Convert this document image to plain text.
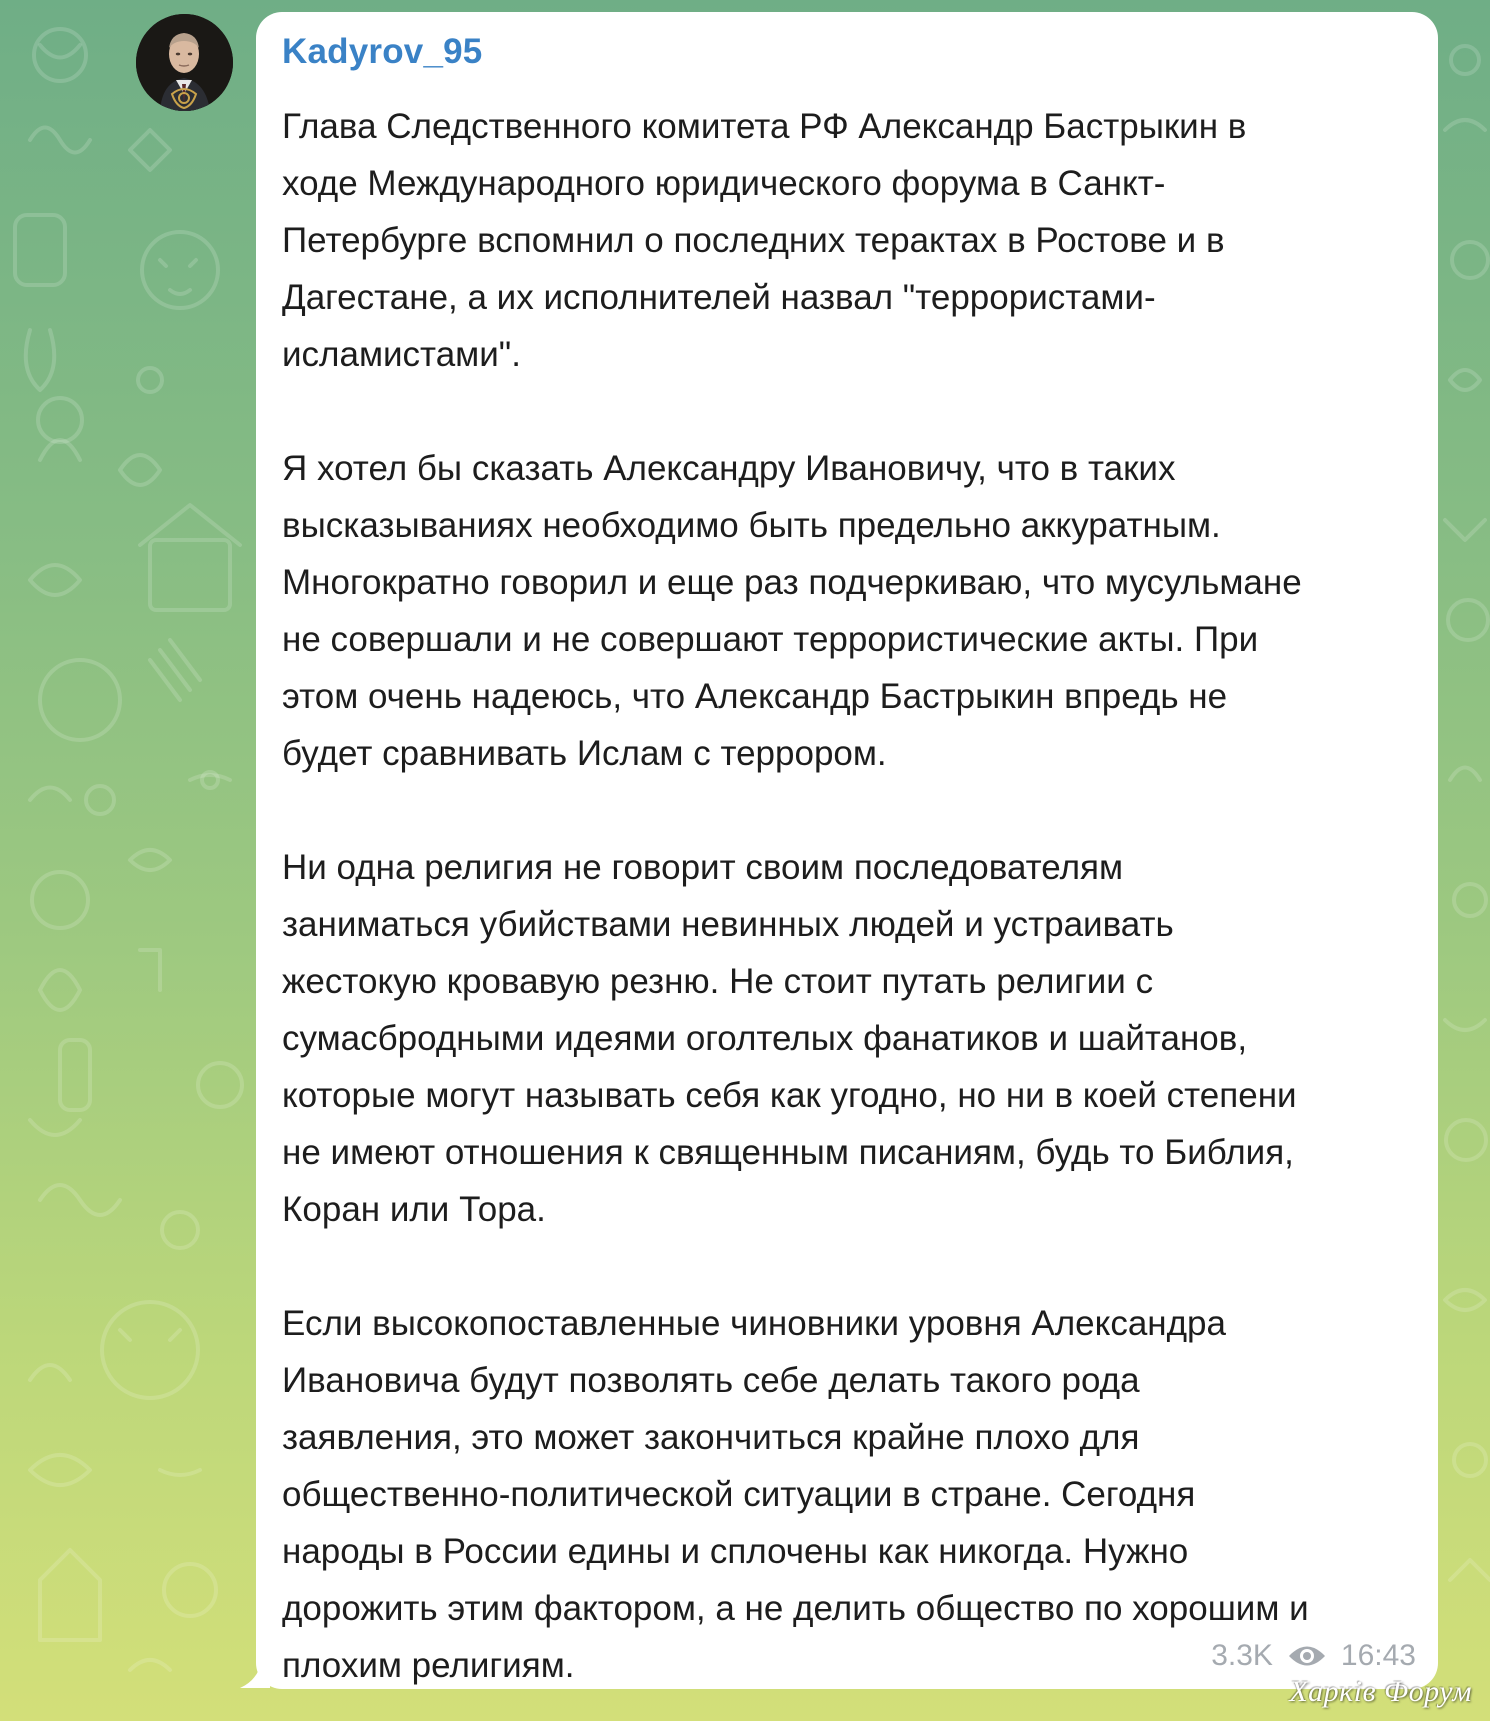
Kadyrov_95
Глава Следственного комитета РФ Александр Бастрыкин в
ходе Международного юридического форума в Санкт-
Петербурге вспомнил о последних терактах в Ростове и в
Дагестане, а их исполнителей назвал "террористами-
исламистами".

Я хотел бы сказать Александру Ивановичу, что в таких
высказываниях необходимо быть предельно аккуратным.
Многократно говорил и еще раз подчеркиваю, что мусульмане
не совершали и не совершают террористические акты. При
этом очень надеюсь, что Александр Бастрыкин впредь не
будет сравнивать Ислам с террором.

Ни одна религия не говорит своим последователям
заниматься убийствами невинных людей и устраивать
жестокую кровавую резню. Не стоит путать религии с
сумасбродными идеями оголтелых фанатиков и шайтанов,
которые могут называть себя как угодно, но ни в коей степени
не имеют отношения к священным писаниям, будь то Библия,
Коран или Тора.

Если высокопоставленные чиновники уровня Александра
Ивановича будут позволять себе делать такого рода
заявления, это может закончиться крайне плохо для
общественно-политической ситуации в стране. Сегодня
народы в России едины и сплочены как никогда. Нужно
дорожить этим фактором, а не делить общество по хорошим и
плохим религиям.	3.3K 16:43
Харків Форум
